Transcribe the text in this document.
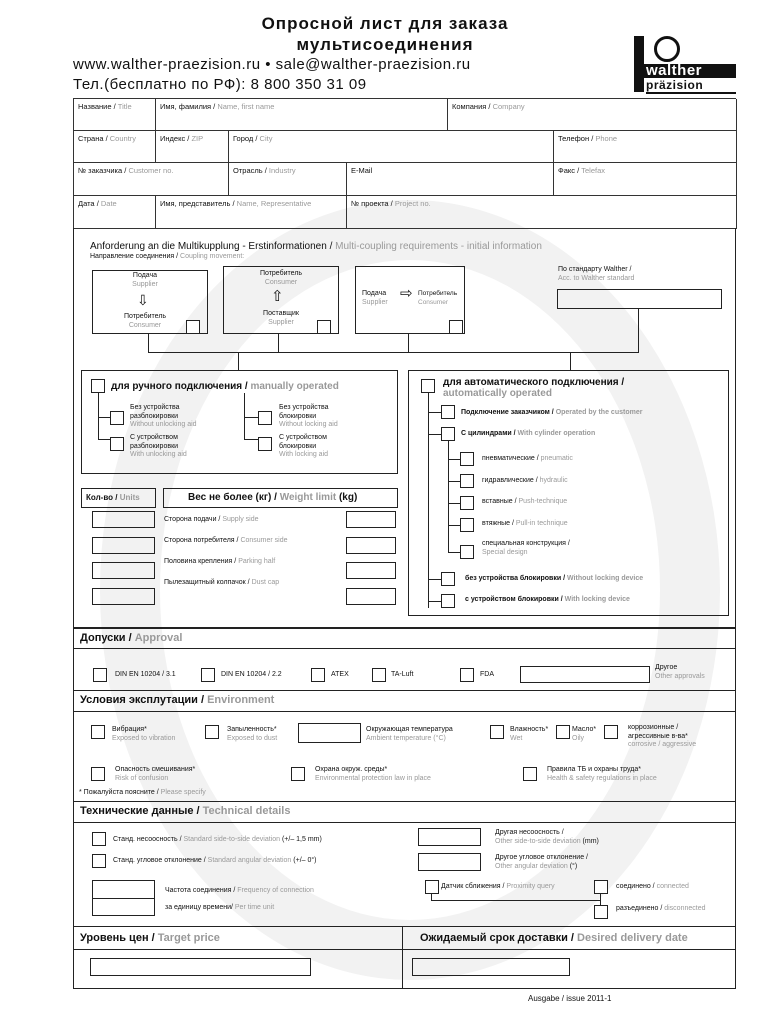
Опросной лист для заказа
мультисоединения
www.walther-praezision.ru • sale@walther-praezision.ru
Тел.(бесплатно по РФ): 8 800 350 31 09
walther
präzision
Название / Title	Имя, фамилия / Name, first name	Компания / Company
Страна / Country	Индекс / ZIP	Город / City	Телефон / Phone
№ заказчика / Customer no.	Отрасль / Industry	E-Mail	Факс / Telefax
Дата / Date	Имя, представитель / Name, Representative	№ проекта / Project no.
Anforderung an die Multikupplung - Erstinformationen / Multi-coupling requirements - initial information
Направление соединения / Coupling movement:
Подача
Supplier
⇩
Потребитель
Consumer
Потребитель
Consumer
⇧
Поставщик
Supplier
Подача
Supplier ⇨ Потребитель
Consumer
По стандарту Walther /
Acc. to Walther standard
для ручного подключения / manually operated
Без устройства
разблокировки
Without unlocking aid
С устройством
разблокировки
With unlocking aid
Без устройства
блокировки
Without locking aid
С устройством
блокировки
With locking aid
Кол-во / Units	Вес не более (кг) / Weight limit (kg)
Сторона подачи / Supply side
Сторона потребителя / Consumer side
Половина крепления / Parking half
Пылезащитный колпачок / Dust cap
для автоматического подключения /
automatically operated
Подключение заказчиком / Operated by the customer
С цилиндрами / With cylinder operation
пневматические / pneumatic
гидравлические / hydraulic
вставные / Push-technique
втяжные / Pull-in technique
специальная конструкция /
Special design
без устройства блокировки / Without locking device
с устройством блокировки / With locking device
Допуски / Approval
DIN EN 10204 / 3.1	DIN EN 10204 / 2.2	ATEX	TA-Luft	FDA
Другое
Other approvals
Условия эксплутации / Environment
Вибрация*
Exposed to vibration
Запыленность*
Exposed to dust
Окружающая температура
Ambient temperature (°C)
Влажность*
Wet
Масло*
Oily
коррозионные /
агрессивные в-ва*
corrosive / aggressive
Опасность смешивания*
Risk of confusion
Охрана окруж. среды*
Environmental protection law in place
Правила ТБ и охраны труда*
Health & safety regulations in place
* Пожалуйста поясните / Please specify
Технические данные / Technical details
Станд. несоосность / Standard side-to-side deviation (+/– 1,5 mm)
Станд. угловое отклонение / Standard angular deviation (+/– 0°)
Другая несоосность /
Other side-to-side deviation (mm)
Другое угловое отклонение /
Other angular deviation (°)
Частота соединения / Frequency of connection
за единицу времени/ Per time unit
Датчик сближения / Proximity query	соединено / connected
разъединено / disconnected
Уровень цен / Target price	Ожидаемый срок доставки / Desired delivery date
Ausgabe / issue 2011-1
